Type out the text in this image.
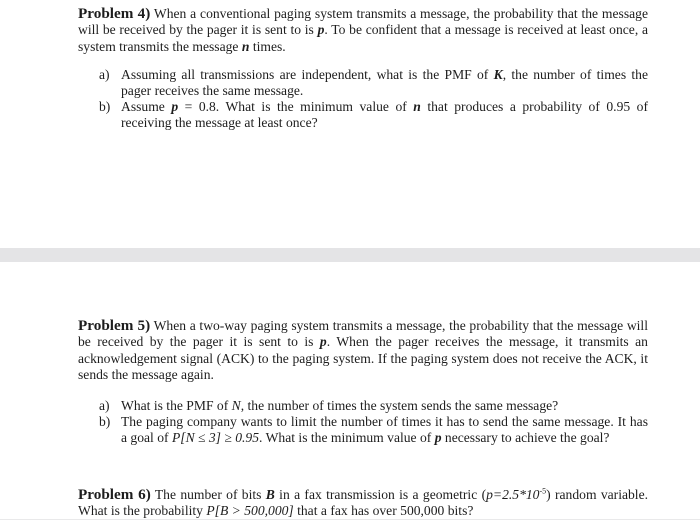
Problem 4) When a conventional paging system transmits a message, the probability that the message will be received by the pager it is sent to is p. To be confident that a message is received at least once, a system transmits the message n times.
a) Assuming all transmissions are independent, what is the PMF of K, the number of times the pager receives the same message.
b) Assume p = 0.8. What is the minimum value of n that produces a probability of 0.95 of receiving the message at least once?
Problem 5) When a two-way paging system transmits a message, the probability that the message will be received by the pager it is sent to is p. When the pager receives the message, it transmits an acknowledgement signal (ACK) to the paging system. If the paging system does not receive the ACK, it sends the message again.
a) What is the PMF of N, the number of times the system sends the same message?
b) The paging company wants to limit the number of times it has to send the same message. It has a goal of P[N ≤ 3] ≥ 0.95. What is the minimum value of p necessary to achieve the goal?
Problem 6) The number of bits B in a fax transmission is a geometric $(p=2.5*10^{-5})$ random variable. What is the probability P[B > 500,000] that a fax has over 500,000 bits?
